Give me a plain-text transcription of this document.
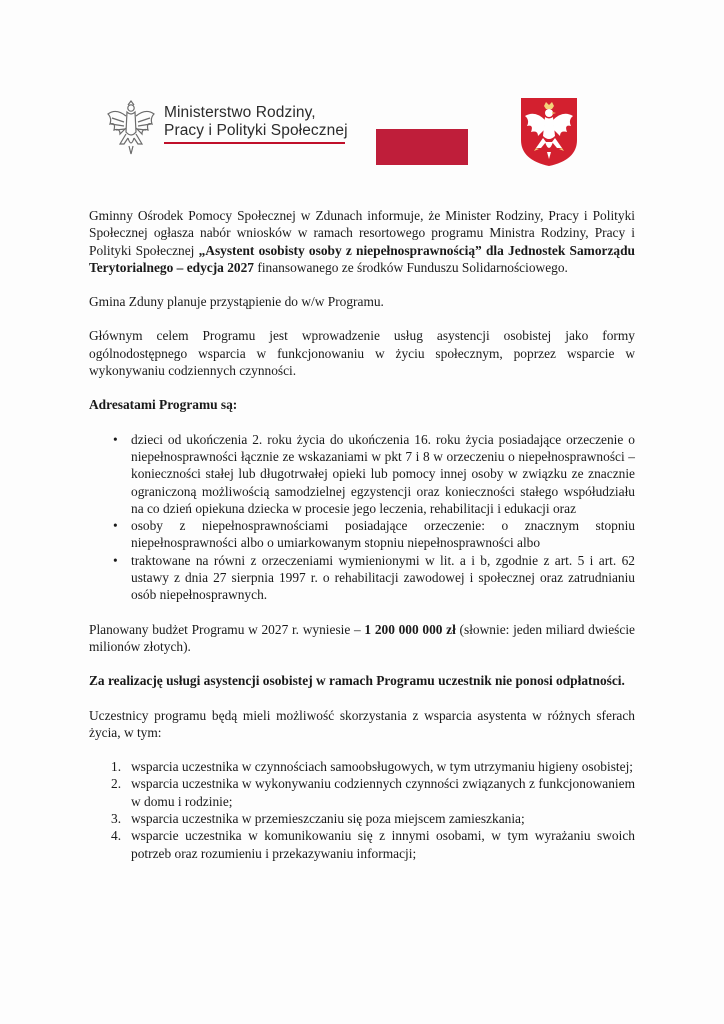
Ministerstwo Rodziny,
Pracy i Polityki Społecznej

Gminny Ośrodek Pomocy Społecznej w Zdunach informuje, że Minister Rodziny, Pracy i Polityki Społecznej ogłasza nabór wniosków w ramach resortowego programu Ministra Rodziny, Pracy i Polityki Społecznej „Asystent osobisty osoby z niepełnosprawnością” dla Jednostek Samorządu Terytorialnego – edycja 2027 finansowanego ze środków Funduszu Solidarnościowego.

Gmina Zduny planuje przystąpienie do w/w Programu.

Głównym celem Programu jest wprowadzenie usług asystencji osobistej jako formy ogólnodostępnego wsparcia w funkcjonowaniu w życiu społecznym, poprzez wsparcie w wykonywaniu codziennych czynności.

Adresatami Programu są:

• dzieci od ukończenia 2. roku życia do ukończenia 16. roku życia posiadające orzeczenie o niepełnosprawności łącznie ze wskazaniami w pkt 7 i 8 w orzeczeniu o niepełnosprawności – konieczności stałej lub długotrwałej opieki lub pomocy innej osoby w związku ze znacznie ograniczoną możliwością samodzielnej egzystencji oraz konieczności stałego współudziału na co dzień opiekuna dziecka w procesie jego leczenia, rehabilitacji i edukacji oraz
• osoby z niepełnosprawnościami posiadające orzeczenie: o znacznym stopniu niepełnosprawności albo o umiarkowanym stopniu niepełnosprawności albo
• traktowane na równi z orzeczeniami wymienionymi w lit. a i b, zgodnie z art. 5 i art. 62 ustawy z dnia 27 sierpnia 1997 r. o rehabilitacji zawodowej i społecznej oraz zatrudnianiu osób niepełnosprawnych.

Planowany budżet Programu w 2027 r. wyniesie – 1 200 000 000 zł (słownie: jeden miliard dwieście milionów złotych).

Za realizację usługi asystencji osobistej w ramach Programu uczestnik nie ponosi odpłatności.

Uczestnicy programu będą mieli możliwość skorzystania z wsparcia asystenta w różnych sferach życia, w tym:

1. wsparcia uczestnika w czynnościach samoobsługowych, w tym utrzymaniu higieny osobistej;
2. wsparcia uczestnika w wykonywaniu codziennych czynności związanych z funkcjonowaniem w domu i rodzinie;
3. wsparcia uczestnika w przemieszczaniu się poza miejscem zamieszkania;
4. wsparcie uczestnika w komunikowaniu się z innymi osobami, w tym wyrażaniu swoich potrzeb oraz rozumieniu i przekazywaniu informacji;
